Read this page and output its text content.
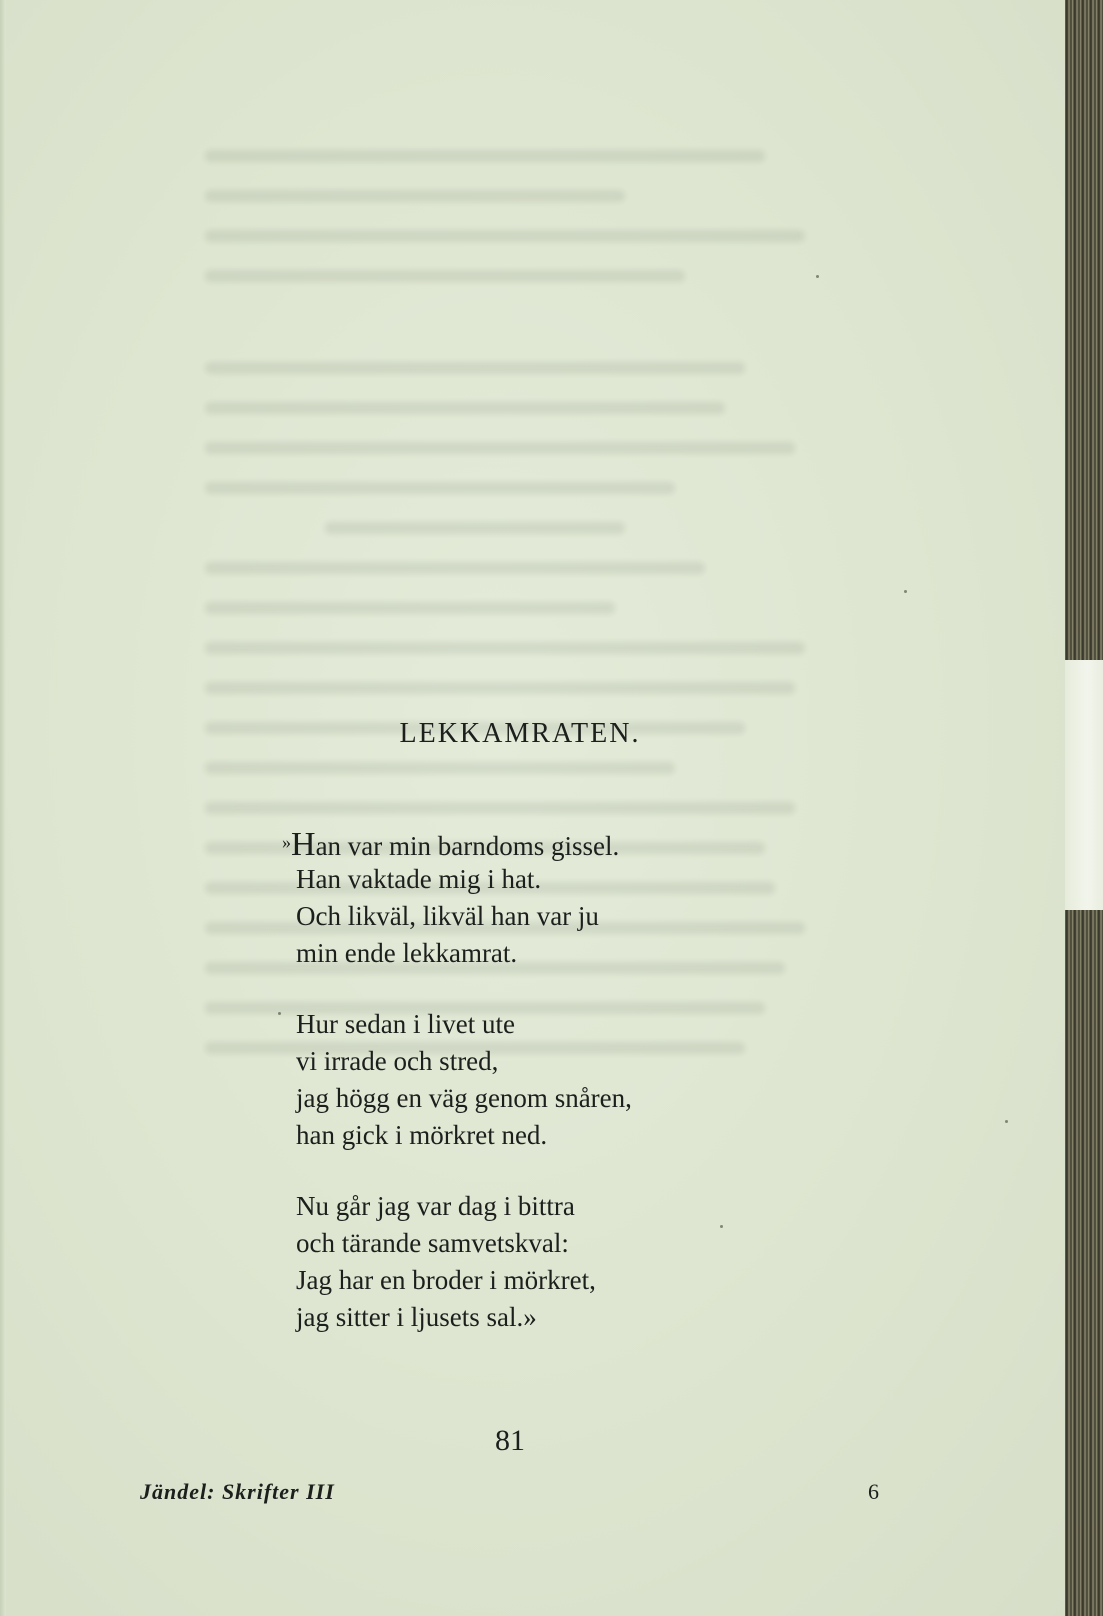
LEKKAMRATEN.
»Han var min barndoms gissel.
Han vaktade mig i hat.
Och likväl, likväl han var ju
min ende lekkamrat.
Hur sedan i livet ute
vi irrade och stred,
jag högg en väg genom snåren,
han gick i mörkret ned.
Nu går jag var dag i bittra
och tärande samvetskval:
Jag har en broder i mörkret,
jag sitter i ljusets sal.»

81

Jändel: Skrifter III	6
